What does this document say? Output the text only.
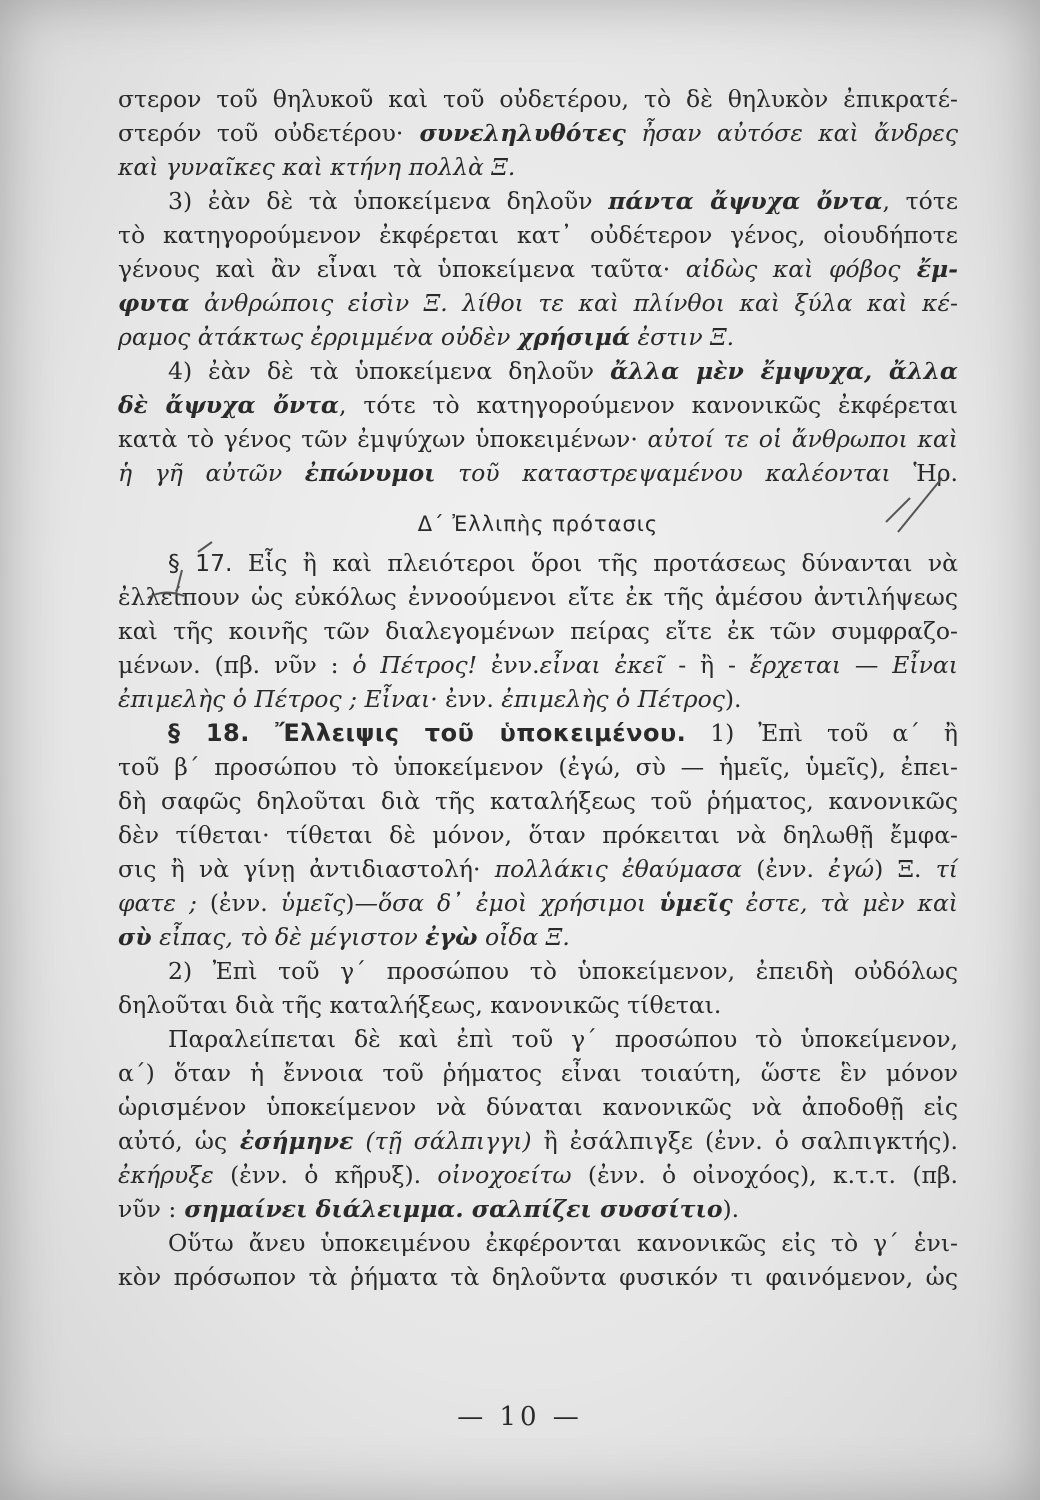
στερον τοῦ θηλυκοῦ καὶ τοῦ οὐδετέρου, τὸ δὲ θηλυκὸν ἐπικρατέ-
στερόν τοῦ οὐδετέρου· συνεληλυθότες ἦσαν αὐτόσε καὶ ἄνδρες
καὶ γυναῖκες καὶ κτήνη πολλὰ Ξ.
3) ἐὰν δὲ τὰ ὑποκείμενα δηλοῦν πάντα ἄψυχα ὄντα, τότε
τὸ κατηγορούμενον ἐκφέρεται κατ᾿ οὐδέτερον γένος, οἱουδήποτε
γένους καὶ ἂν εἶναι τὰ ὑποκείμενα ταῦτα· αἰδὼς καὶ φόβος ἔμ-
φυτα ἀνθρώποις εἰσὶν Ξ. λίθοι τε καὶ πλίνθοι καὶ ξύλα καὶ κέ-
ραμος ἀτάκτως ἐρριμμένα οὐδὲν χρήσιμά ἐστιν Ξ.
4) ἐὰν δὲ τὰ ὑποκείμενα δηλοῦν ἄλλα μὲν ἔμψυχα, ἄλλα
δὲ ἄψυχα ὄντα, τότε τὸ κατηγορούμενον κανονικῶς ἐκφέρεται
κατὰ τὸ γένος τῶν ἐμψύχων ὑποκειμένων· αὐτοί τε οἱ ἄνθρωποι καὶ
ἡ γῆ αὐτῶν ἐπώνυμοι τοῦ καταστρεψαμένου καλέονται Ἡρ.
Δ΄ Ἐλλιπὴς πρότασις
§ 17. Εἷς ἢ καὶ πλειότεροι ὅροι τῆς προτάσεως δύνανται νὰ
ἐλλείπουν ὡς εὐκόλως ἐννοούμενοι εἴτε ἐκ τῆς ἀμέσου ἀντιλήψεως
καὶ τῆς κοινῆς τῶν διαλεγομένων πείρας εἴτε ἐκ τῶν συμφραζο-
μένων. (πβ. νῦν : ὁ Πέτρος! ἐνν.εἶναι ἐκεῖ - ἢ - ἔρχεται — Εἶναι
ἐπιμελὴς ὁ Πέτρος ; Εἶναι· ἐνν. ἐπιμελὴς ὁ Πέτρος).
§ 18. Ἔλλειψις τοῦ ὑποκειμένου. 1) Ἐπὶ τοῦ α΄ ἢ
τοῦ β΄ προσώπου τὸ ὑποκείμενον (ἐγώ, σὺ — ἡμεῖς, ὑμεῖς), ἐπει-
δὴ σαφῶς δηλοῦται διὰ τῆς καταλήξεως τοῦ ῥήματος, κανονικῶς
δὲν τίθεται· τίθεται δὲ μόνον, ὅταν πρόκειται νὰ δηλωθῇ ἔμφα-
σις ἢ νὰ γίνῃ ἀντιδιαστολή· πολλάκις ἐθαύμασα (ἐνν. ἐγώ) Ξ. τί
φατε ; (ἐνν. ὑμεῖς)—ὅσα δ᾿ ἐμοὶ χρήσιμοι ὑμεῖς ἐστε, τὰ μὲν καὶ
σὺ εἶπας, τὸ δὲ μέγιστον ἐγὼ οἶδα Ξ.
2) Ἐπὶ τοῦ γ΄ προσώπου τὸ ὑποκείμενον, ἐπειδὴ οὐδόλως
δηλοῦται διὰ τῆς καταλήξεως, κανονικῶς τίθεται.
Παραλείπεται δὲ καὶ ἐπὶ τοῦ γ΄ προσώπου τὸ ὑποκείμενον,
α΄) ὅταν ἡ ἔννοια τοῦ ῥήματος εἶναι τοιαύτη, ὥστε ἓν μόνον
ὡρισμένον ὑποκείμενον νὰ δύναται κανονικῶς νὰ ἀποδοθῇ εἰς
αὐτό, ὡς ἐσήμηνε (τῇ σάλπιγγι) ἢ ἐσάλπιγξε (ἐνν. ὁ σαλπιγκτής).
ἐκήρυξε (ἐνν. ὁ κῆρυξ). οἰνοχοείτω (ἐνν. ὁ οἰνοχόος), κ.τ.τ. (πβ.
νῦν : σημαίνει διάλειμμα. σαλπίζει συσσίτιο).
Οὕτω ἄνευ ὑποκειμένου ἐκφέρονται κανονικῶς εἰς τὸ γ΄ ἑνι-
κὸν πρόσωπον τὰ ῥήματα τὰ δηλοῦντα φυσικόν τι φαινόμενον, ὡς
— 10 —
